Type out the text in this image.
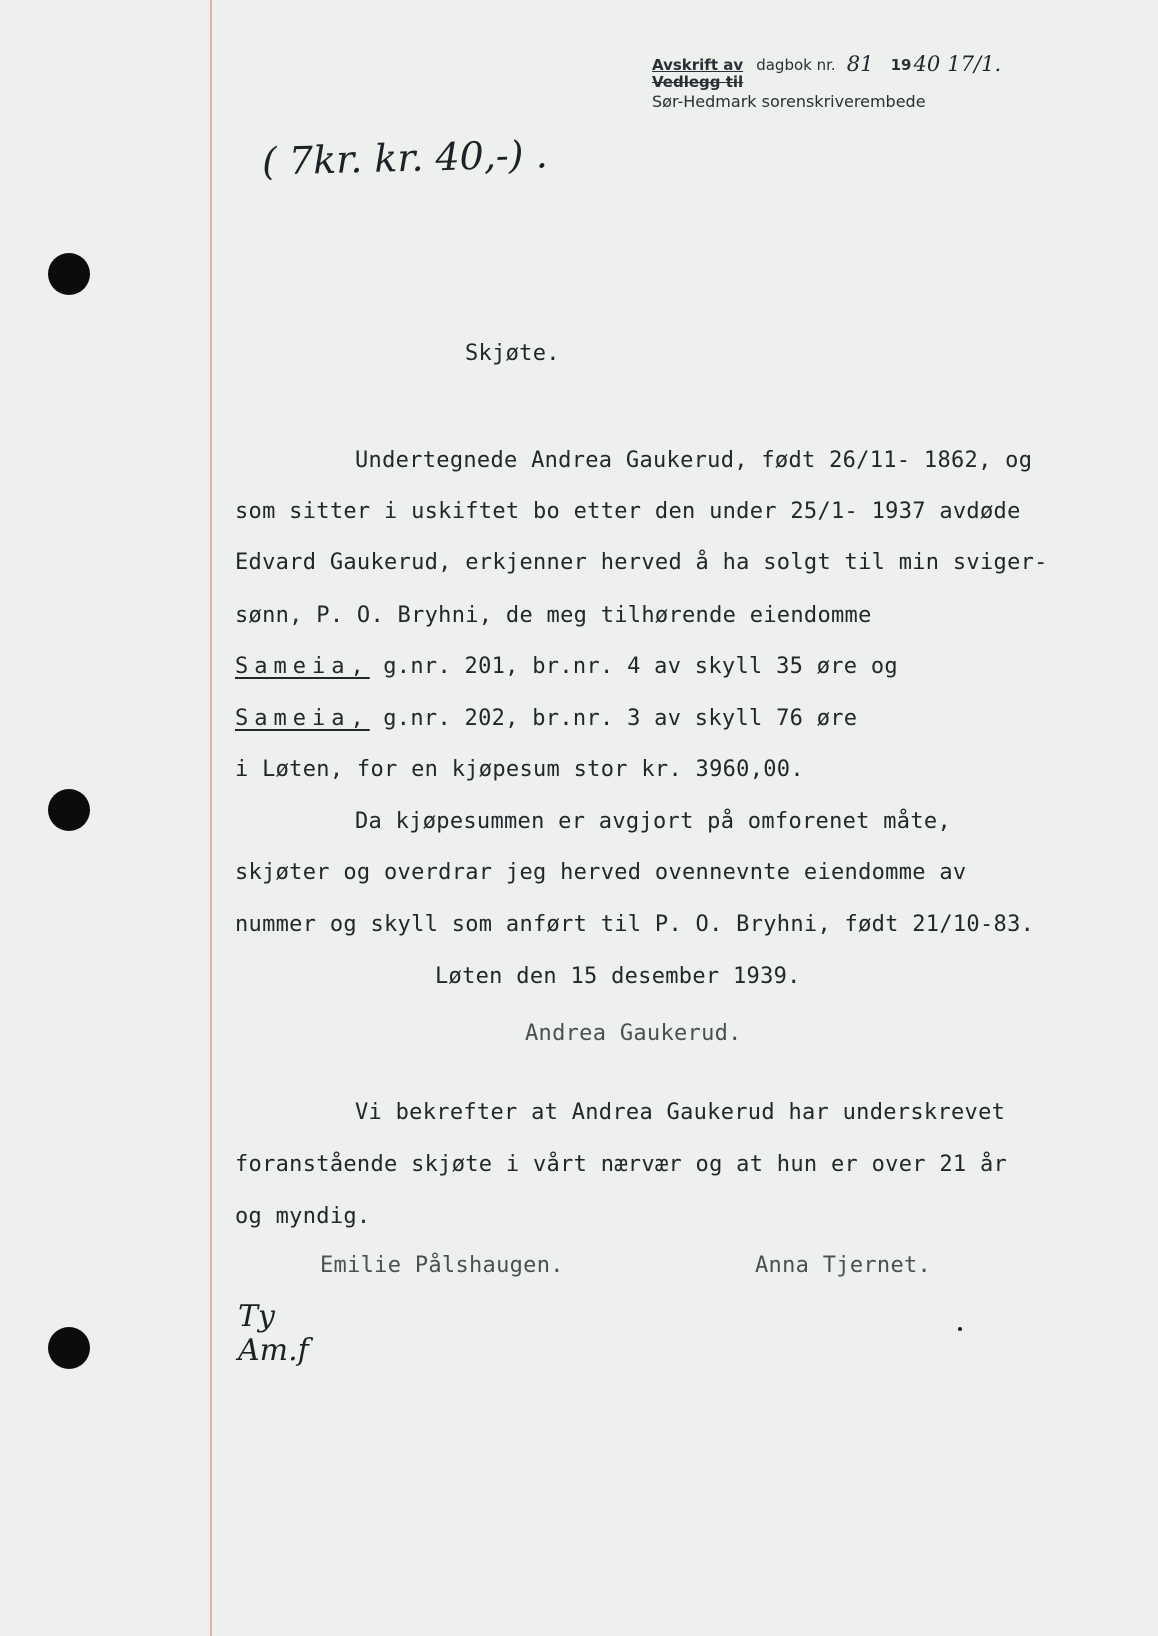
Avskrift av
Vedlegg til
dagbok nr. 81 1940 17/1.
Sør-Hedmark sorenskriverembede
( 7kr. kr. 40,-) .
Skjøte.
Undertegnede Andrea Gaukerud, født 26/11- 1862, og
som sitter i uskiftet bo etter den under 25/1- 1937 avdøde
Edvard Gaukerud, erkjenner herved å ha solgt til min sviger-
sønn, P. O. Bryhni, de meg tilhørende eiendomme
Sameia, g.nr. 201, br.nr. 4 av skyll 35 øre og
Sameia, g.nr. 202, br.nr. 3 av skyll 76 øre
i Løten, for en kjøpesum stor kr. 3960,00.
Da kjøpesummen er avgjort på omforenet måte,
skjøter og overdrar jeg herved ovennevnte eiendomme av
nummer og skyll som anført til P. O. Bryhni, født 21/10-83.
Løten den 15 desember 1939.
Andrea Gaukerud.
Vi bekrefter at Andrea Gaukerud har underskrevet
foranstående skjøte i vårt nærvær og at hun er over 21 år
og myndig.
Emilie Pålshaugen.	Anna Tjernet.
Ty
Am.f
